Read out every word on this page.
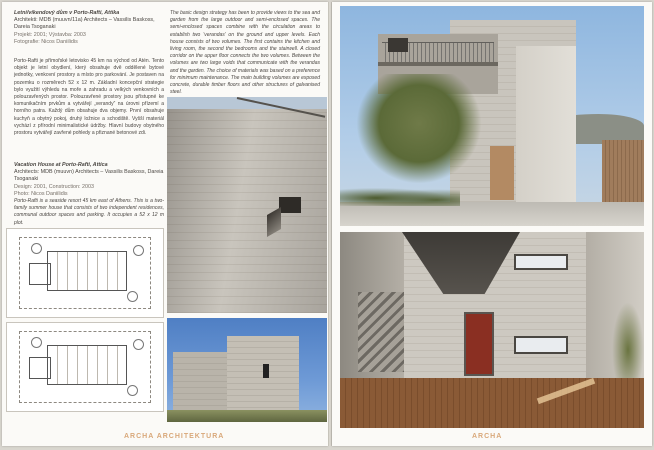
Letní/víkendový dům v Porto-Rafti, Attika

Architekti: MDB (muuvn/11a) Architects – Vassilis Baskoss, Dareia Tsoganaki

Projekt: 2001; Výstavba: 2003

Fotografie: Nicos Daniilidis

Porto-Rafti je přímořské letovisko 45 km na východ od Atén. Tento objekt je letní obydlení, který obsahuje dvě oddělené bytové jednotky, venkovní prostory a místo pro parkování. Je postaven na pozemku o rozměrech 52 x 12 m. Základní koncepční strategie bylo využití výhledu na moře a zahradu a velkých venkovních a polouzavřených prostor. Polouzavřené prostory jsou přístupné ke komunikačním prvkům a vytvářejí „verandy“ na úrovni přízemí a horního patra. Každý dům obsahuje dva objemy. První obsahuje kuchyň a obytný pokoj, druhý ložnice a schodiště. Vyšší materiál vychází z přírodní minimalistické údržby. Hlavní budovy obytného prostoru vytvářejí zavřené pohledy a přiznané betonové zdi.

Vacation House at Porto-Rafti, Attica

Architects: MDB (muuvn) Architects – Vassilis Baskoss, Dareia Tsoganaki

Design: 2001, Construction: 2003

Photo: Nicos Daniilidis

Porto-Rafti is a seaside resort 45 km east of Athens. This is a two-family summer house that consists of two independent residences, communal outdoor spaces and parking. It occupies a 52 x 12 m plot.

The basic design strategy has been to provide views to the sea and garden from the large outdoor and semi-enclosed spaces. The semi-enclosed spaces combine with the circulation areas to establish two ‘verandas’ on the ground and upper levels. Each house consists of two volumes. The first contains the kitchen and living room, the second the bedrooms and the stairwell. A closed corridor on the upper floor connects the two volumes. Between the volumes are two large voids that communicate with the verandas and the garden. The choice of materials was based on a preference for minimum maintenance. The main building volumes are exposed concrete, durable timber floors and other structures of galvanised steel.

ARCHA ARCHITEKTURA	ARCHA
